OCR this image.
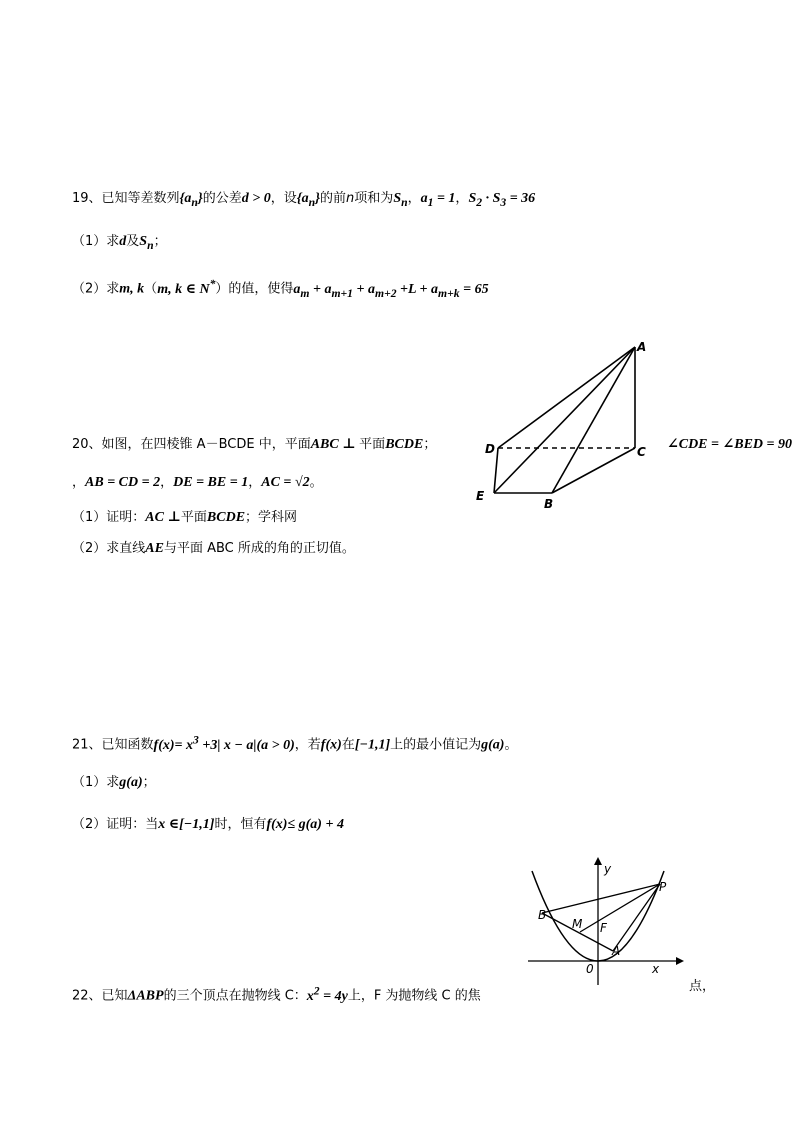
19、已知等差数列$\{a_n\}$的公差d > 0，设$\{a_n\}$的前n项和为$S_n$，$a_1 = 1$，$S_2 \cdot S_3 = 36$
（1）求d及$S_n$；
（2）求m, k（m, k ∈ N*）的值，使得$a_m + a_{m+1} + a_{m+2} +L + a_{m+k} = 65$
A
D	C
E
B
20、如图，在四棱锥 A－BCDE 中，平面ABC ⊥ 平面BCDE；	∠CDE = ∠BED = 90
，AB = CD = 2，DE = BE = 1，AC = √2。
（1）证明：AC ⊥平面BCDE；学科网
（2）求直线AE与平面 ABC 所成的角的正切值。
21、已知函数$f(x)= x^3 +3|$ x − a|(a > 0)，若f(x)在[−1,1]上的最小值记为g(a)。
（1）求g(a)；
（2）证明：当x ∈[−1,1]时，恒有f(x)≤ g(a) + 4
y
x
0
P
B
M F
A
22、已知ΔABP的三个顶点在抛物线 C：$x^2 = 4y$上，F 为抛物线 C 的焦
点，
